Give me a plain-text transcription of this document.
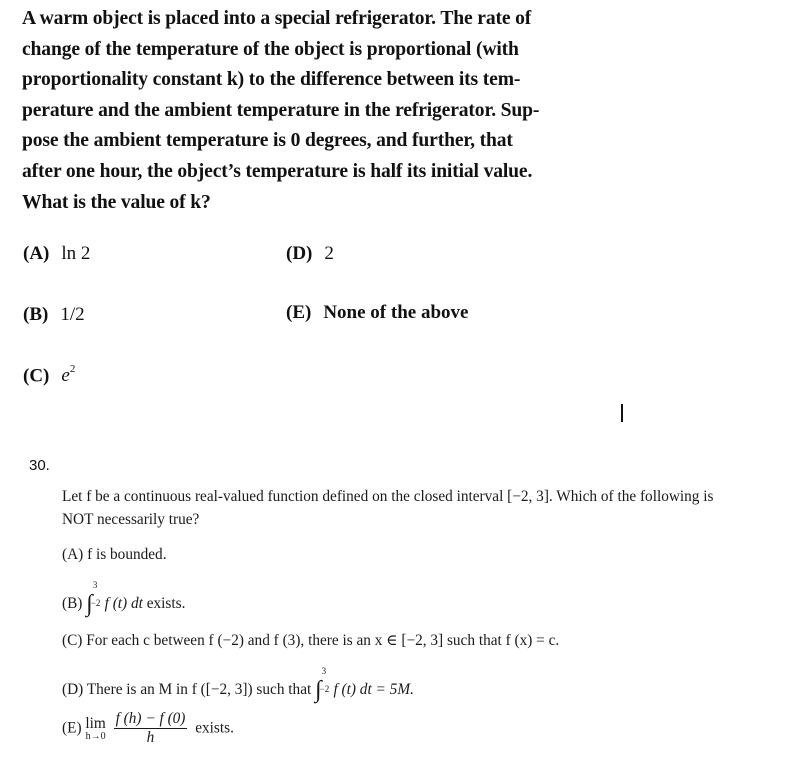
A warm object is placed into a special refrigerator. The rate of
change of the temperature of the object is proportional (with
proportionality constant k) to the difference between its tem-
perature and the ambient temperature in the refrigerator. Sup-
pose the ambient temperature is 0 degrees, and further, that
after one hour, the object’s temperature is half its initial value.
What is the value of k?
(A) ln 2	(D) 2
(B) 1/2	(E) None of the above
(C) $e^2$
30.
Let f be a continuous real-valued function defined on the closed interval [−2, 3]. Which of the following is
NOT necessarily true?
(A) f is bounded.
(B) ∫
3
−2 f (t) dt exists.
(C) For each c between f (−2) and f (3), there is an x ∈ [−2, 3] such that f (x) = c.
(D) There is an M in f ([−2, 3]) such that ∫
3
−2 f (t) dt = 5M.
(E) lim
h→0
$\frac{f (h) - f (0)}{h}$ exists.
